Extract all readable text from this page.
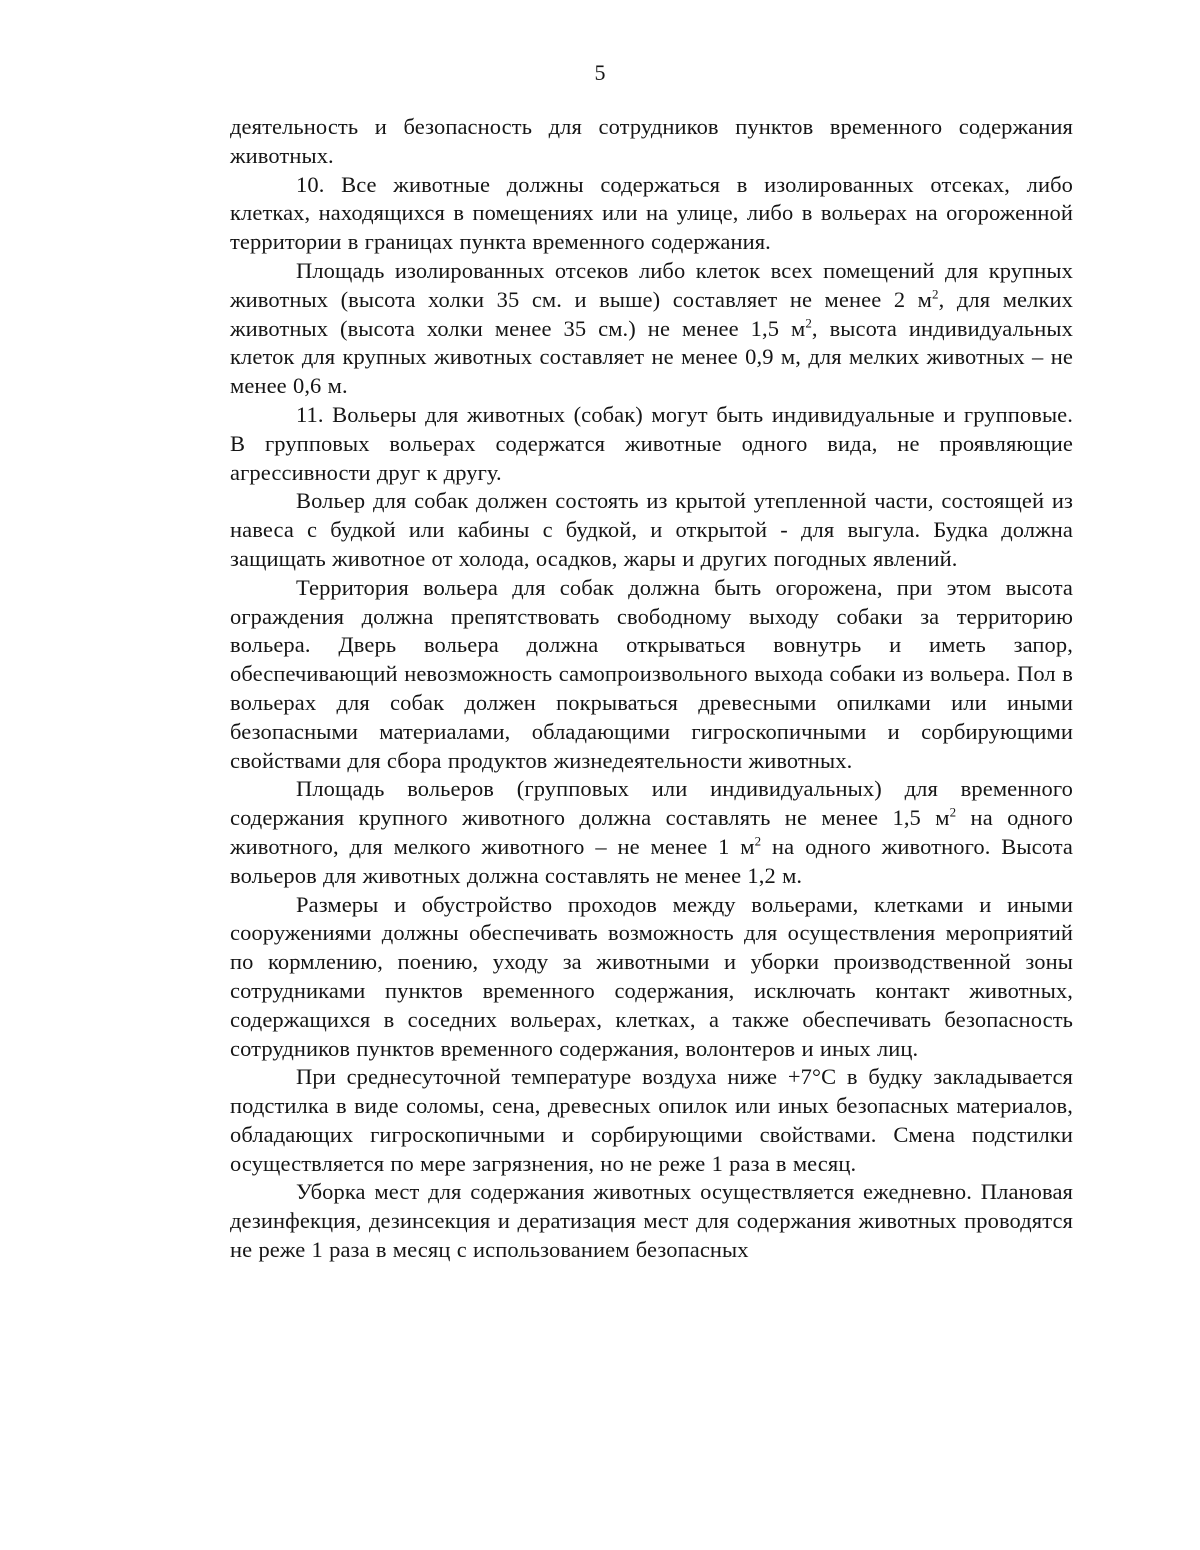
5

деятельность и безопасность для сотрудников пунктов временного содержания животных.

10. Все животные должны содержаться в изолированных отсеках, либо клетках, находящихся в помещениях или на улице, либо в вольерах на огороженной территории в границах пункта временного содержания.

Площадь изолированных отсеков либо клеток всех помещений для крупных животных (высота холки 35 см. и выше) составляет не менее 2 $м^2$, для мелких животных (высота холки менее 35 см.) не менее 1,5 $м^2$, высота индивидуальных клеток для крупных животных составляет не менее 0,9 м, для мелких животных – не менее 0,6 м.

11. Вольеры для животных (собак) могут быть индивидуальные и групповые. В групповых вольерах содержатся животные одного вида, не проявляющие агрессивности друг к другу.

Вольер для собак должен состоять из крытой утепленной части, состоящей из навеса с будкой или кабины с будкой, и открытой - для выгула. Будка должна защищать животное от холода, осадков, жары и других погодных явлений.

Территория вольера для собак должна быть огорожена, при этом высота ограждения должна препятствовать свободному выходу собаки за территорию вольера. Дверь вольера должна открываться вовнутрь и иметь запор, обеспечивающий невозможность самопроизвольного выхода собаки из вольера. Пол в вольерах для собак должен покрываться древесными опилками или иными безопасными материалами, обладающими гигроскопичными и сорбирующими свойствами для сбора продуктов жизнедеятельности животных.

Площадь вольеров (групповых или индивидуальных) для временного содержания крупного животного должна составлять не менее 1,5 $м^2$ на одного животного, для мелкого животного – не менее 1 $м^2$ на одного животного. Высота вольеров для животных должна составлять не менее 1,2 м.

Размеры и обустройство проходов между вольерами, клетками и иными сооружениями должны обеспечивать возможность для осуществления мероприятий по кормлению, поению, уходу за животными и уборки производственной зоны сотрудниками пунктов временного содержания, исключать контакт животных, содержащихся в соседних вольерах, клетках, а также обеспечивать безопасность сотрудников пунктов временного содержания, волонтеров и иных лиц.

При среднесуточной температуре воздуха ниже +7°С в будку закладывается подстилка в виде соломы, сена, древесных опилок или иных безопасных материалов, обладающих гигроскопичными и сорбирующими свойствами. Смена подстилки осуществляется по мере загрязнения, но не реже 1 раза в месяц.

Уборка мест для содержания животных осуществляется ежедневно. Плановая дезинфекция, дезинсекция и дератизация мест для содержания животных проводятся не реже 1 раза в месяц с использованием безопасных
